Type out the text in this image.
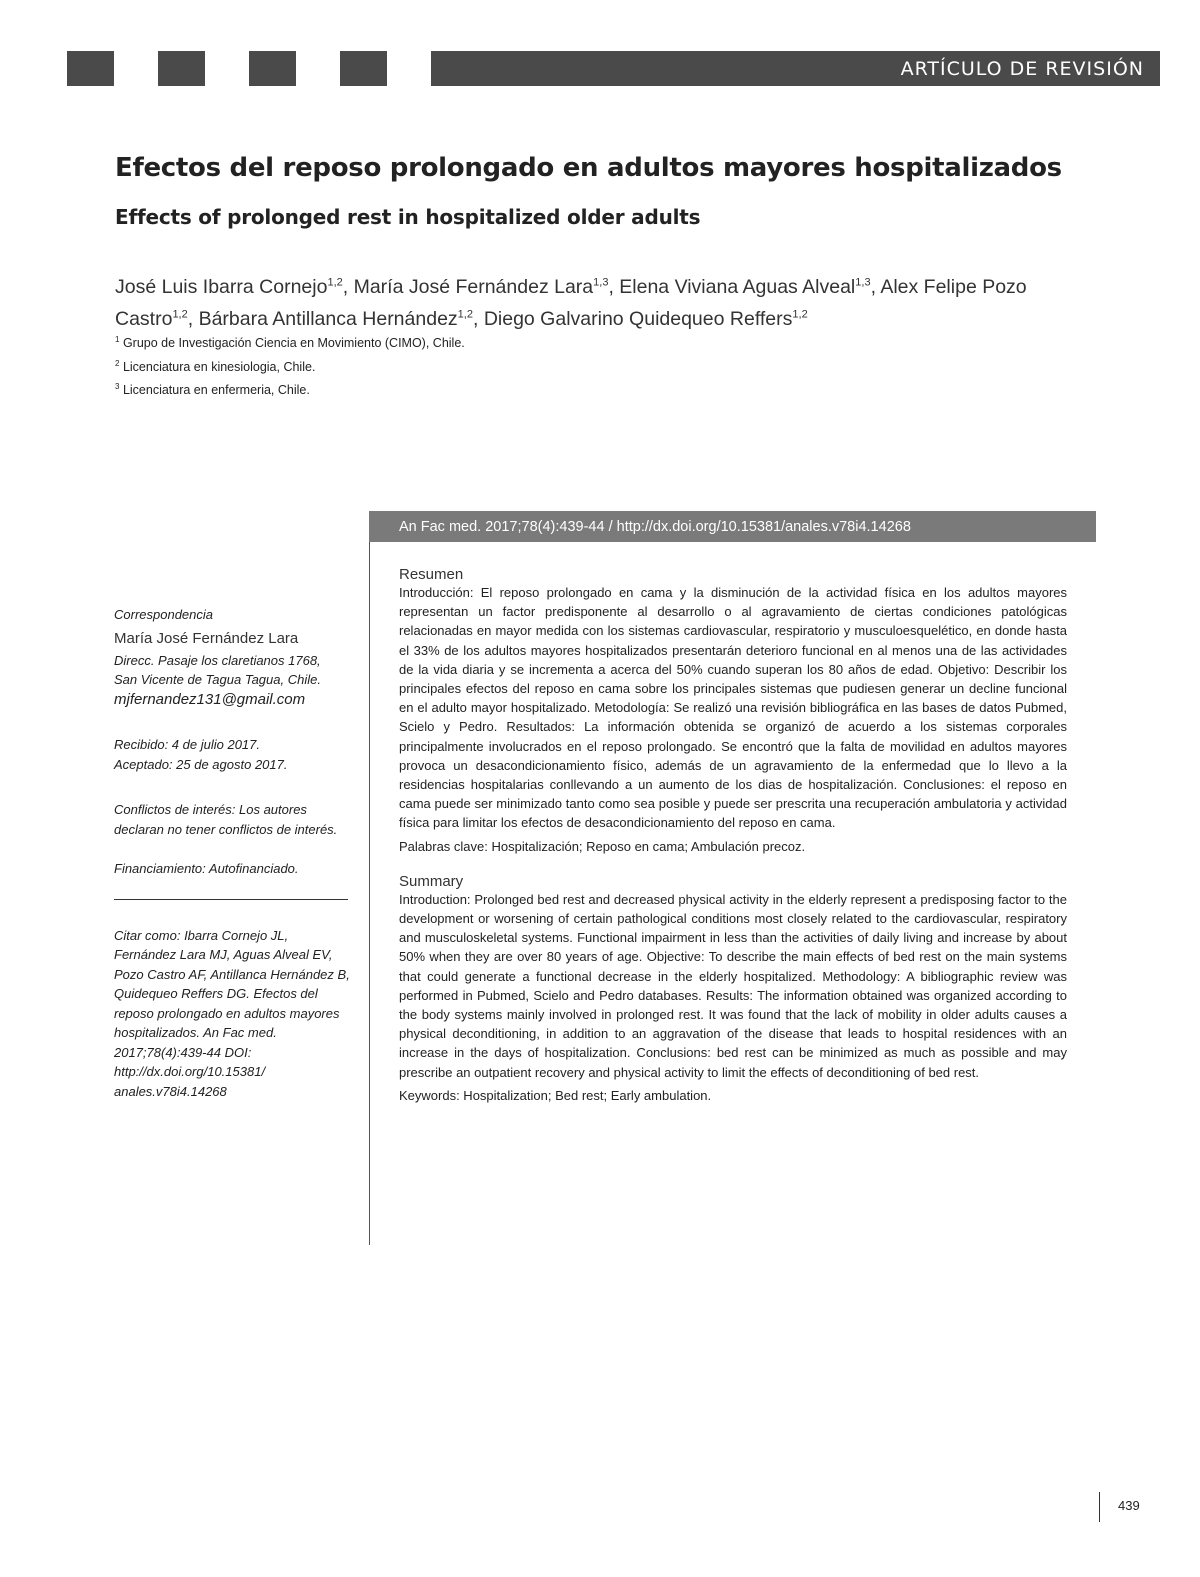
ARTÍCULO DE REVISIÓN
Efectos del reposo prolongado en adultos mayores hospitalizados
Effects of prolonged rest in hospitalized older adults
José Luis Ibarra Cornejo$^{1,2}$, María José Fernández Lara$^{1,3}$, Elena Viviana Aguas Alveal$^{1,3}$, Alex Felipe Pozo Castro$^{1,2}$, Bárbara Antillanca Hernández$^{1,2}$, Diego Galvarino Quidequeo Reffers$^{1,2}$
$^1$ Grupo de Investigación Ciencia en Movimiento (CIMO), Chile.
$^2$ Licenciatura en kinesiologia, Chile.
$^3$ Licenciatura en enfermeria, Chile.
An Fac med. 2017;78(4):439-44 / http://dx.doi.org/10.15381/anales.v78i4.14268

Correspondencia

María José Fernández Lara

Direcc. Pasaje los claretianos 1768,

San Vicente de Tagua Tagua, Chile.

mjfernandez131@gmail.com

Recibido: 4 de julio 2017.

Aceptado: 25 de agosto 2017.

Conflictos de interés: Los autores declaran no tener conflictos de interés.

Financiamiento: Autofinanciado.

Citar como: Ibarra Cornejo JL, Fernández Lara MJ, Aguas Alveal EV, Pozo Castro AF, Antillanca Hernández B, Quidequeo Reffers DG. Efectos del reposo prolongado en adultos mayores hospitalizados. An Fac med. 2017;78(4):439-44 DOI: http://dx.doi.org/10.15381/ anales.v78i4.14268

Resumen

Introducción: El reposo prolongado en cama y la disminución de la actividad física en los adultos mayores representan un factor predisponente al desarrollo o al agravamiento de ciertas condiciones patológicas relacionadas en mayor medida con los sistemas cardiovascular, respiratorio y musculoesquelético, en donde hasta el 33% de los adultos mayores hospitalizados presentarán deterioro funcional en al menos una de las actividades de la vida diaria y se incrementa a acerca del 50% cuando superan los 80 años de edad. Objetivo: Describir los principales efectos del reposo en cama sobre los principales sistemas que pudiesen generar un decline funcional en el adulto mayor hospitalizado. Metodología: Se realizó una revisión bibliográfica en las bases de datos Pubmed, Scielo y Pedro. Resultados: La información obtenida se organizó de acuerdo a los sistemas corporales principalmente involucrados en el reposo prolongado. Se encontró que la falta de movilidad en adultos mayores provoca un desacondicionamiento físico, además de un agravamiento de la enfermedad que lo llevo a la residencias hospitalarias conllevando a un aumento de los dias de hospitalización. Conclusiones: el reposo en cama puede ser minimizado tanto como sea posible y puede ser prescrita una recuperación ambulatoria y actividad física para limitar los efectos de desacondicionamiento del reposo en cama.

Palabras clave: Hospitalización; Reposo en cama; Ambulación precoz.

Summary

Introduction: Prolonged bed rest and decreased physical activity in the elderly represent a predisposing factor to the development or worsening of certain pathological conditions most closely related to the cardiovascular, respiratory and musculoskeletal systems. Functional impairment in less than the activities of daily living and increase by about 50% when they are over 80 years of age. Objective: To describe the main effects of bed rest on the main systems that could generate a functional decrease in the elderly hospitalized. Methodology: A bibliographic review was performed in Pubmed, Scielo and Pedro databases. Results: The information obtained was organized according to the body systems mainly involved in prolonged rest. It was found that the lack of mobility in older adults causes a physical deconditioning, in addition to an aggravation of the disease that leads to hospital residences with an increase in the days of hospitalization. Conclusions: bed rest can be minimized as much as possible and may prescribe an outpatient recovery and physical activity to limit the effects of deconditioning of bed rest.

Keywords: Hospitalization; Bed rest; Early ambulation.

439
